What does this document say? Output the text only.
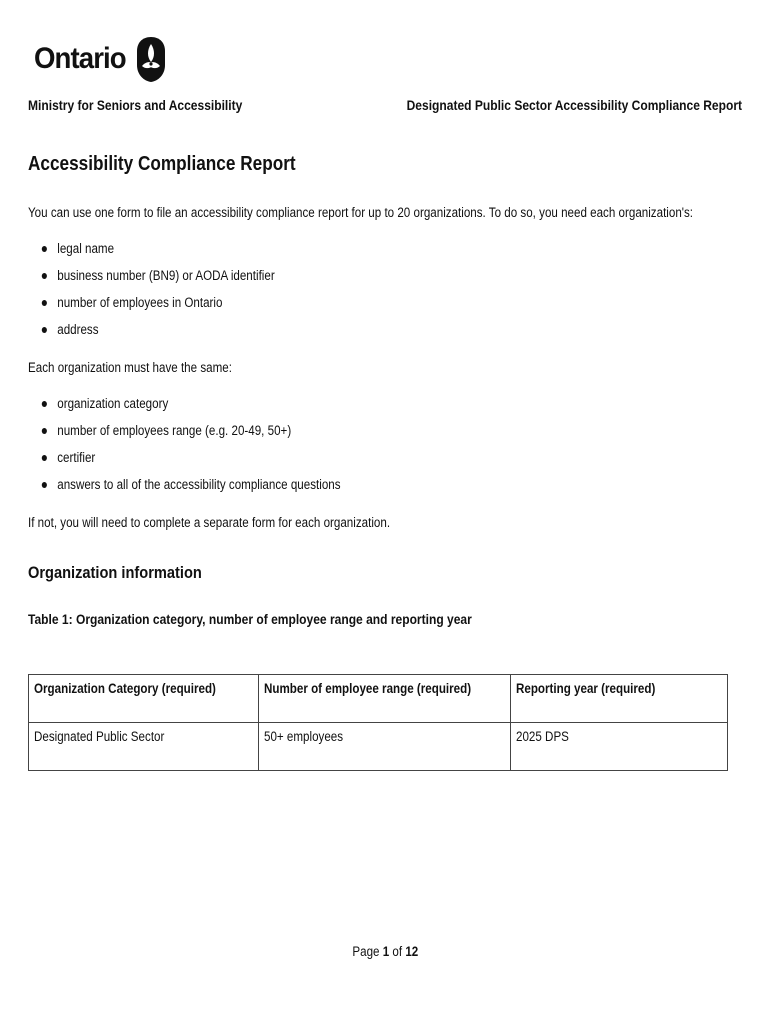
Ontario
Ministry for Seniors and Accessibility	Designated Public Sector Accessibility Compliance Report
Accessibility Compliance Report

You can use one form to file an accessibility compliance report for up to 20 organizations. To do so, you need each organization's:

legal name
business number (BN9) or AODA identifier
number of employees in Ontario
address

Each organization must have the same:

organization category
number of employees range (e.g. 20-49, 50+)
certifier
answers to all of the accessibility compliance questions

If not, you will need to complete a separate form for each organization.

Organization information
Table 1: Organization category, number of employee range and reporting year
Organization Category (required)	Number of employee range (required)	Reporting year (required)
Designated Public Sector	50+ employees	2025 DPS
Page 1 of 12
